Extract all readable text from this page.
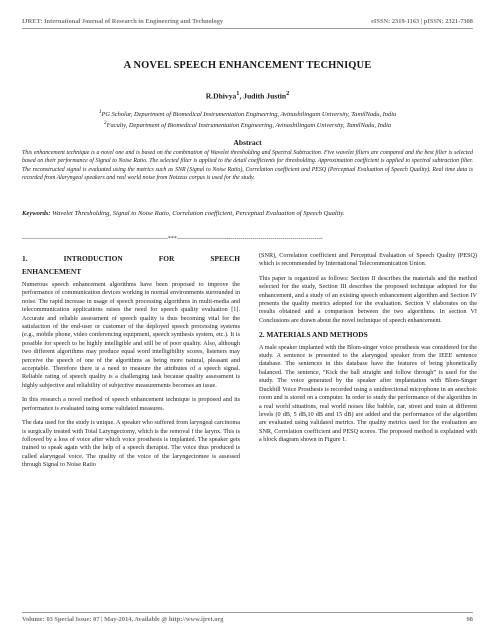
IJRET: International Journal of Research in Engineering and Technology	eISSN: 2319-1163 | pISSN: 2321-7308
A NOVEL SPEECH ENHANCEMENT TECHNIQUE
R.Dhivya$^1$, Judith Justin$^2$
$^1$PG Scholar, Department of Biomedical Instrumentation Engineering, Avinashilingam University, TamilNadu, India
$^2$Faculty, Department of Biomedical Instrumentation Engineering, Avinashilingam University, TamilNadu, India
Abstract
This enhancement technique is a novel one and is based on the combination of Wavelet thresholding and Spectral Subtraction. Five wavelet filters are compared and the best filter is selected based on their performance of Signal to Noise Ratio. The selected filter is applied to the detail coefficients for thresholding. Approximation coefficient is applied to spectral subtraction filter. The reconstructed signal is evaluated using the metrics such as SNR (Signal to Noise Ratio), Correlation coefficient and PESQ (Perceptual Evaluation of Speech Quality). Real time data is recorded from Alaryngeal speakers and real world noise from Noizeus corpus is used for the study.
Keywords: Wavelet Thresholding, Signal to Noise Ratio, Correlation coefficient, Perceptual Evaluation of Speech Quality.
-------------------------------------------------------------------------***-------------------------------------------------------------------------
1.	INTRODUCTION	FOR	SPEECH
ENHANCEMENT

Numerous speech enhancement algorithms have been proposed to improve the performance of communication devices working in normal environments surrounded in noise. The rapid increase in usage of speech processing algorithms in multi-media and telecommunication applications raises the need for speech quality evaluation [1]. Accurate and reliable assessment of speech quality is thus becoming vital for the satisfaction of the end-user or customer of the deployed speech processing systems (e.g., mobile phone, video conferencing equipment, speech synthesis system, etc.). It is possible for speech to be highly intelligible and still be of poor quality. Also, although two different algorithms may produce equal word intelligibility scores, listeners may perceive the speech of one of the algorithms as being more natural, pleasant and acceptable. Therefore there is a need to measure the attributes of a speech signal. Reliable rating of speech quality is a challenging task because quality assessment is highly subjective and reliability of subjective measurements becomes an issue.

In this research a novel method of speech enhancement technique is proposed and its performance is evaluated using some validated measures.

The data used for the study is unique. A speaker who suffered from laryngeal carcinoma is surgically treated with Total Laryngectomy, which is the removal f the larynx. This is followed by a loss of voice after which voice prosthesis is implanted. The speaker gets trained to speak again with the help of a speech therapist. The voice thus produced is called alaryngeal voice. The quality of the voice of the laryngectomee is assessed through Signal to Noise Ratio

(SNR), Correlation coefficient and Perceptual Evaluation of Speech Quality (PESQ) which is recommended by International Telecommunication Union.

This paper is organized as follows: Section II describes the materials and the method selected for the study, Section III describes the proposed technique adopted for the enhancement, and a study of an existing speech enhancement algorithm and Section IV presents the quality metrics adopted for the evaluation. Section V elaborates on the results obtained and a comparison between the two algorithms. In section VI Conclusions are drawn about the novel technique of speech enhancement.

2. MATERIALS AND METHODS

A male speaker implanted with the Blom-singer voice prosthesis was considered for the study. A sentence is presented to the alaryngeal speaker from the IEEE sentence database. The sentences in this database have the features of being phonetically balanced. The sentence, “Kick the ball straight and follow through” is used for the study. The voice generated by the speaker after implantation with Blom-Singer Duckbill Voice Prosthesis is recorded using a unidirectional microphone in an anechoic room and is stored on a computer. In order to study the performance of the algorithm in a real world situations, real world noises like babble, car, street and train at different levels (0 dB, 5 dB,10 dB and 15 dB) are added and the performance of the algorithm are evaluated using validated metrics. The quality metrics used for the evaluation are SNR, Correlation coefficient and PESQ scores. The proposed method is explained with a block diagram shown in Figure 1.

Volume: 03 Special Issue: 07 | May-2014, Available @ http://www.ijret.org	98
